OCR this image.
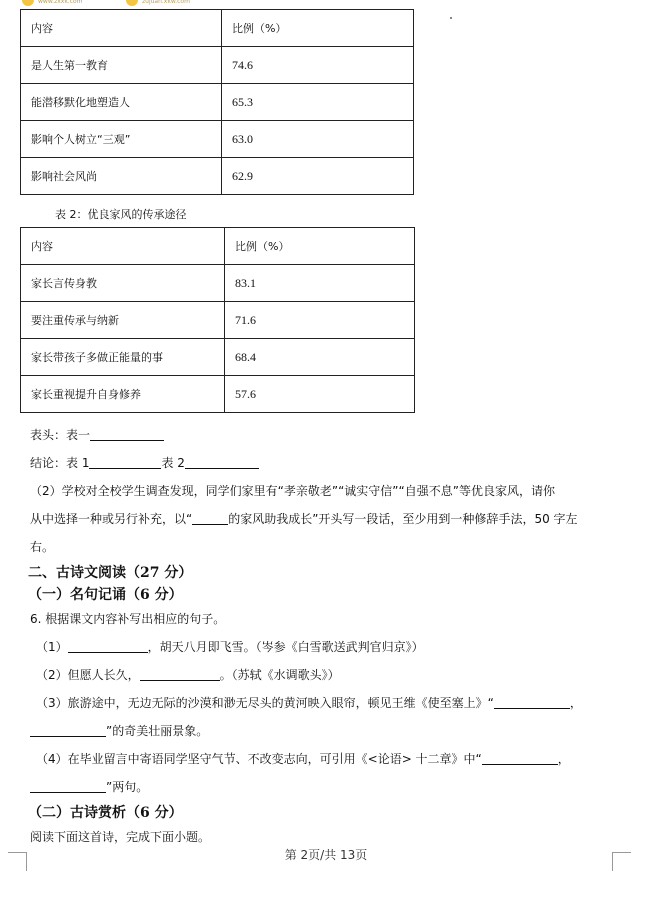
www.zxxk.com	zujuan.xkw.com
内容	比例（%）
是人生第一教育	74.6
能潜移默化地塑造人	65.3
影响个人树立“三观”	63.0
影响社会风尚	62.9
表 2：优良家风的传承途径
内容	比例（%）
家长言传身教	83.1
要注重传承与纳新	71.6
家长带孩子多做正能量的事	68.4
家长重视提升自身修养	57.6
表头：表一
结论：表 1	表 2
（2）学校对全校学生调查发现，同学们家里有“孝亲敬老”“诚实守信”“自强不息”等优良家风，请你
从中选择一种或另行补充，以“	的家风助我成长”开头写一段话，至少用到一种修辞手法，50 字左
右。
二、古诗文阅读（27 分）
（一）名句记诵（6 分）
6. 根据课文内容补写出相应的句子。
（1）	，胡天八月即飞雪。（岑参《白雪歌送武判官归京》）
（2）但愿人长久，	。（苏轼《水调歌头》）
（3）旅游途中，无边无际的沙漠和渺无尽头的黄河映入眼帘，顿见王维《使至塞上》“	，
”的奇美壮丽景象。
（4）在毕业留言中寄语同学坚守气节、不改变志向，可引用《<论语> 十二章》中“	，
”两句。
（二）古诗赏析（6 分）
阅读下面这首诗，完成下面小题。
第 2页/共 13页
